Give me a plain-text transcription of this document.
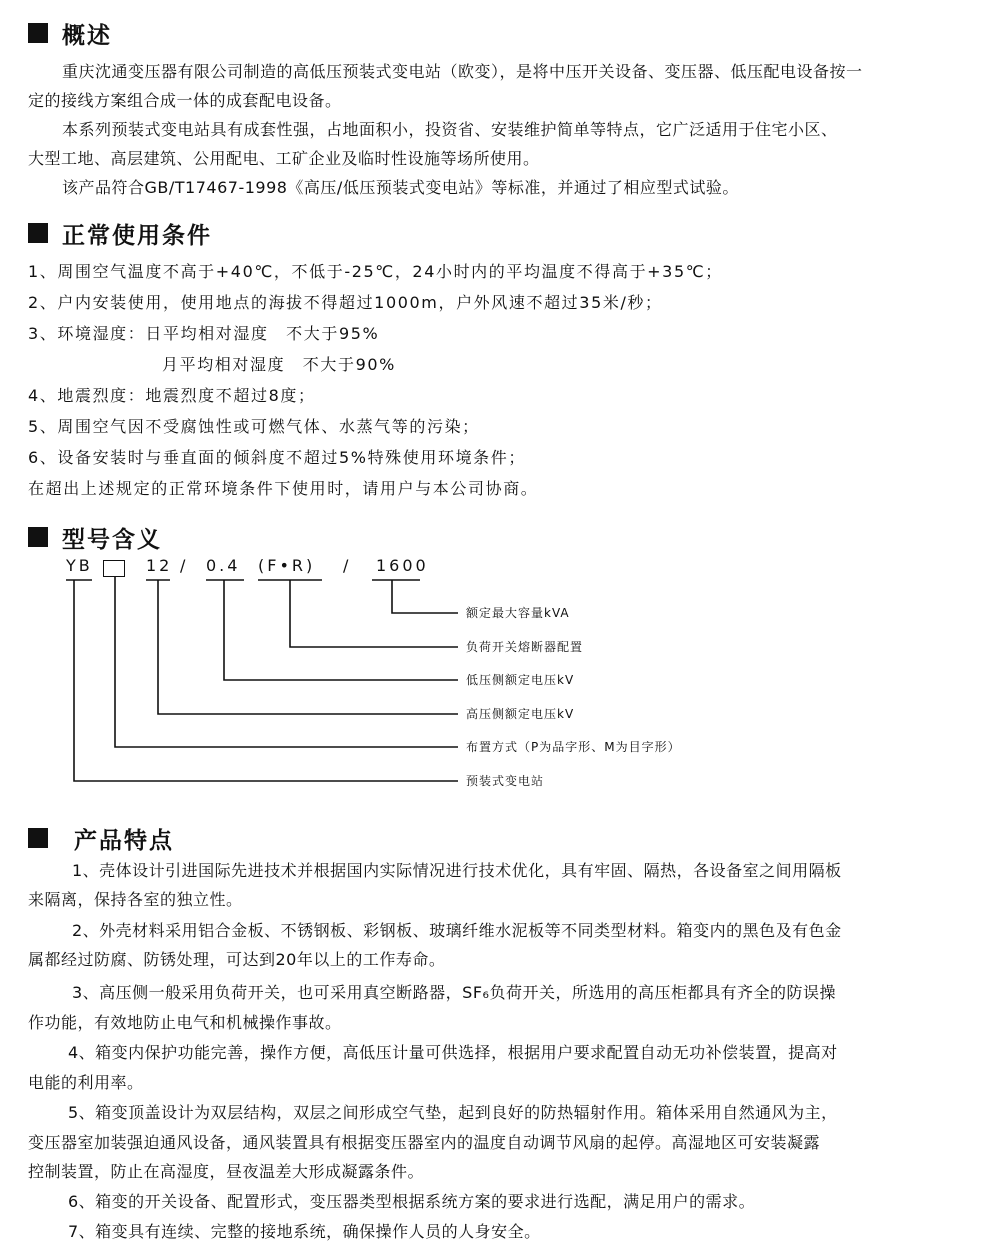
概述
重庆沈通变压器有限公司制造的高低压预装式变电站（欧变），是将中压开关设备、变压器、低压配电设备按一
定的接线方案组合成一体的成套配电设备。
本系列预装式变电站具有成套性强，占地面积小，投资省、安装维护简单等特点，它广泛适用于住宅小区、
大型工地、高层建筑、公用配电、工矿企业及临时性设施等场所使用。
该产品符合GB/T17467-1998《高压/低压预装式变电站》等标准，并通过了相应型式试验。
正常使用条件
1、周围空气温度不高于+40℃，不低于-25℃，24小时内的平均温度不得高于+35℃；
2、户内安装使用，使用地点的海拔不得超过1000m，户外风速不超过35米/秒；
3、环境湿度：日平均相对湿度　不大于95%
月平均相对湿度　不大于90%
4、地震烈度：地震烈度不超过8度；
5、周围空气因不受腐蚀性或可燃气体、水蒸气等的污染；
6、设备安装时与垂直面的倾斜度不超过5%特殊使用环境条件；
在超出上述规定的正常环境条件下使用时，请用户与本公司协商。
型号含义
YB	12 / 0.4 (F•R) / 1600
额定最大容量kVA
负荷开关熔断器配置
低压侧额定电压kV
高压侧额定电压kV
布置方式（P为品字形、M为目字形）
预装式变电站
产品特点
1、壳体设计引进国际先进技术并根据国内实际情况进行技术优化，具有牢固、隔热，各设备室之间用隔板
来隔离，保持各室的独立性。
2、外壳材料采用铝合金板、不锈钢板、彩钢板、玻璃纤维水泥板等不同类型材料。箱变内的黑色及有色金
属都经过防腐、防锈处理，可达到20年以上的工作寿命。
3、高压侧一般采用负荷开关，也可采用真空断路器，SF₆负荷开关，所选用的高压柜都具有齐全的防误操
作功能，有效地防止电气和机械操作事故。
4、箱变内保护功能完善，操作方便，高低压计量可供选择，根据用户要求配置自动无功补偿装置，提高对
电能的利用率。
5、箱变顶盖设计为双层结构，双层之间形成空气垫，起到良好的防热辐射作用。箱体采用自然通风为主，
变压器室加装强迫通风设备，通风装置具有根据变压器室内的温度自动调节风扇的起停。高湿地区可安装凝露
控制装置，防止在高湿度，昼夜温差大形成凝露条件。
6、箱变的开关设备、配置形式，变压器类型根据系统方案的要求进行选配，满足用户的需求。
7、箱变具有连续、完整的接地系统，确保操作人员的人身安全。
